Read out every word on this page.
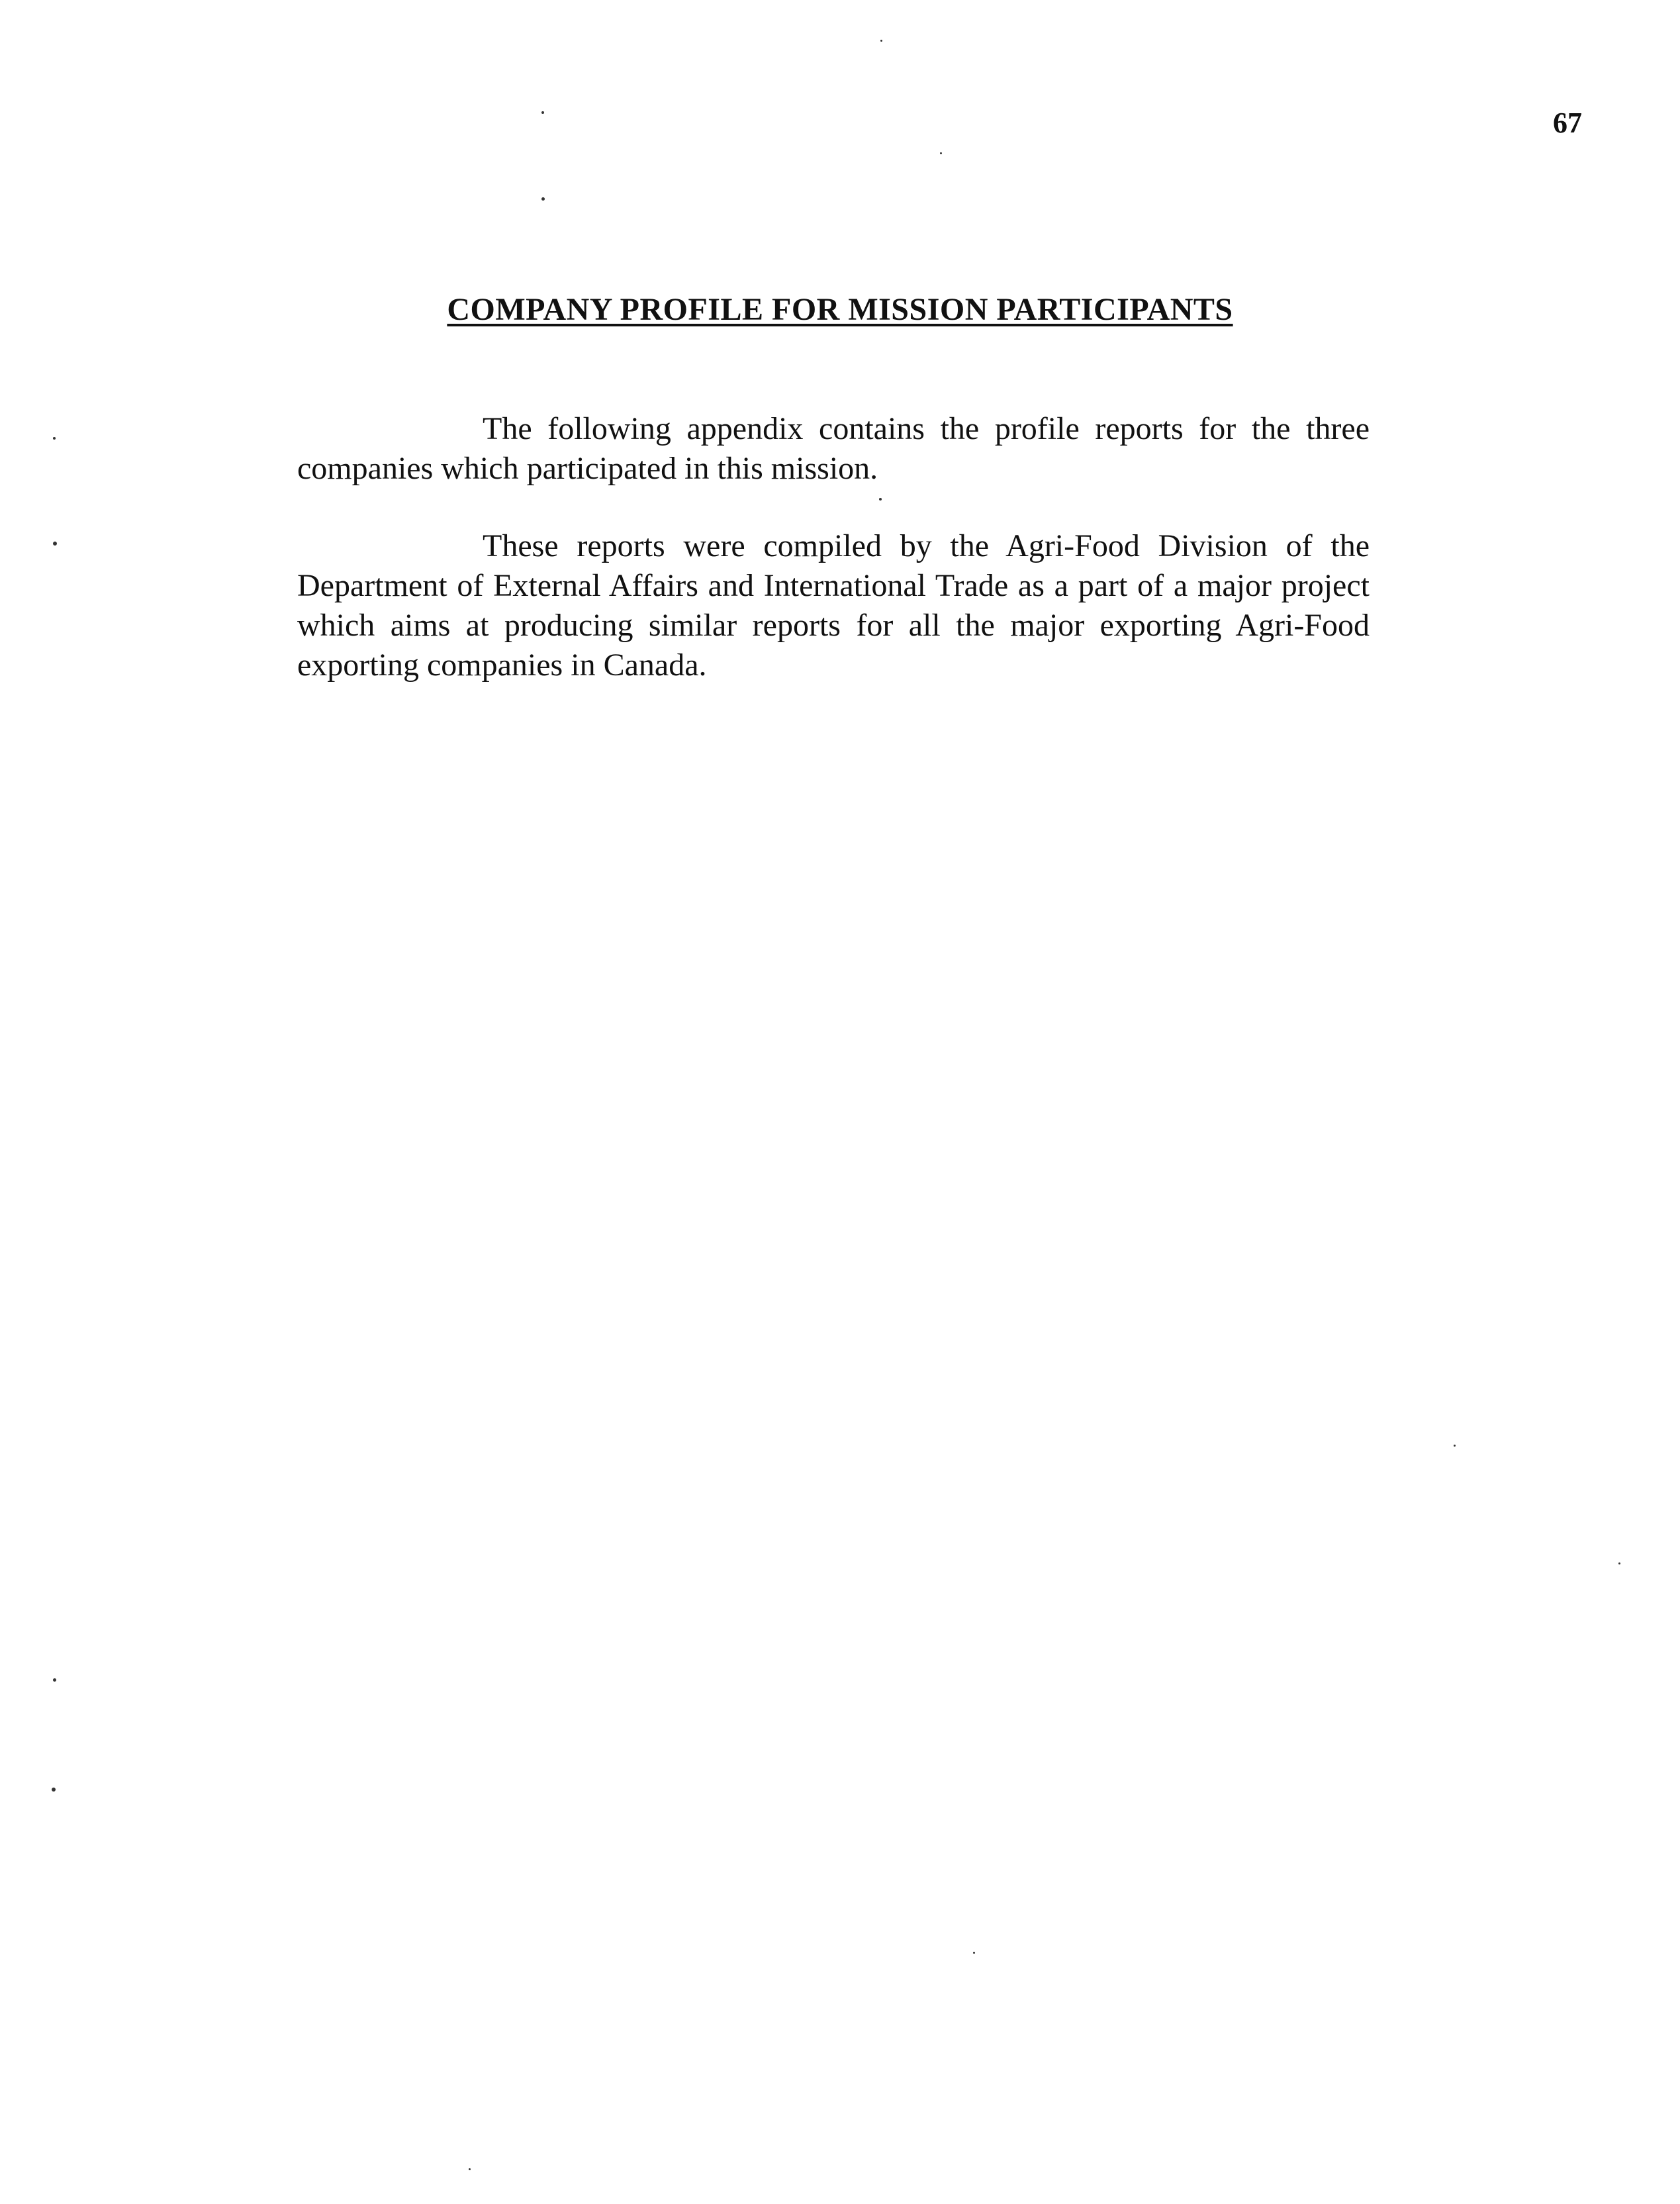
67
COMPANY PROFILE FOR MISSION PARTICIPANTS

The following appendix contains the profile reports for the three companies which participated in this mission.

These reports were compiled by the Agri-Food Division of the Department of External Affairs and International Trade as a part of a major project which aims at producing similar reports for all the major exporting Agri-Food exporting companies in Canada.
